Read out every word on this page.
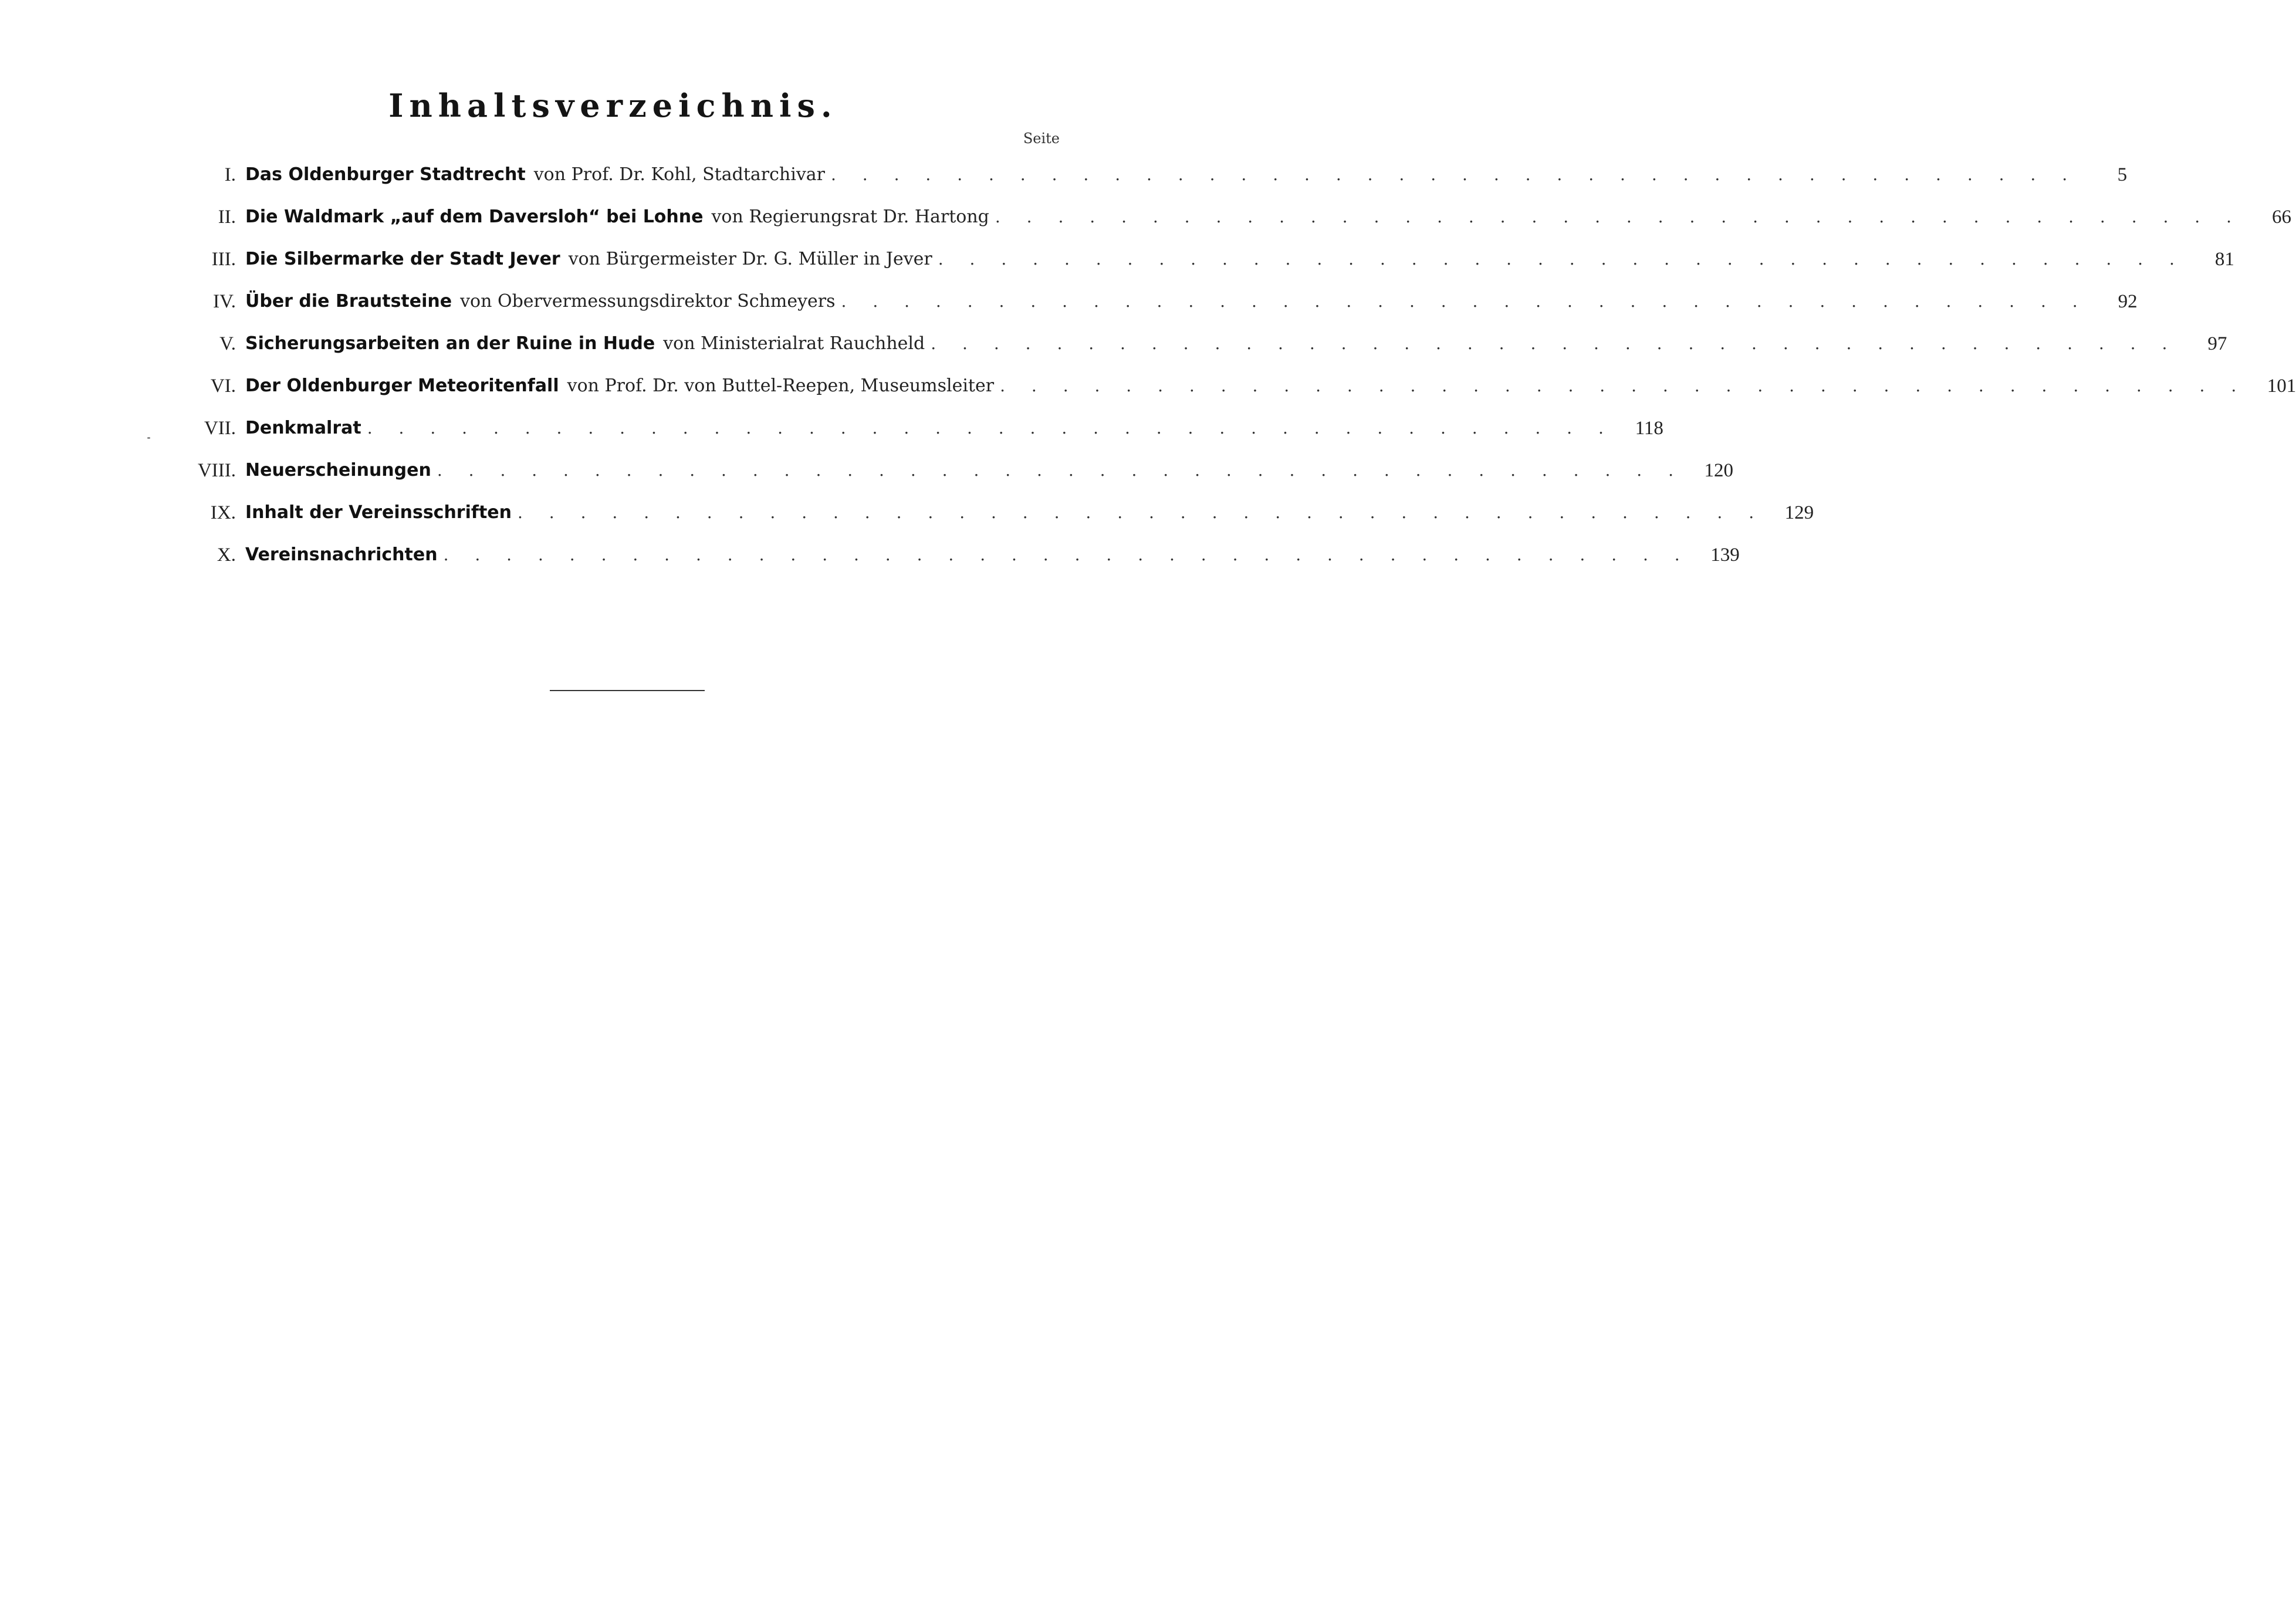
Inhaltsverzeichnis.
Seite
I. Das Oldenburger Stadtrecht von Prof. Dr. Kohl, Stadtarchivar . . . . . . . . . . . . . . . . . . . . . . . . . . . . . . . . . . . . . . . .	5
II. Die Waldmark „auf dem Daversloh“ bei Lohne von Regierungsrat Dr. Hartong . . . . . . . . . . . . . . . . . . . . . . . . . . . . . . . . . . . . . . . .	66
III. Die Silbermarke der Stadt Jever von Bürgermeister Dr. G. Müller in Jever . . . . . . . . . . . . . . . . . . . . . . . . . . . . . . . . . . . . . . . .	81
IV. Über die Brautsteine von Obervermessungsdirektor Schmeyers . . . . . . . . . . . . . . . . . . . . . . . . . . . . . . . . . . . . . . . .	92
V. Sicherungsarbeiten an der Ruine in Hude von Ministerialrat Rauchheld . . . . . . . . . . . . . . . . . . . . . . . . . . . . . . . . . . . . . . . .	97
VI. Der Oldenburger Meteoritenfall von Prof. Dr. von Buttel-Reepen, Museumsleiter . . . . . . . . . . . . . . . . . . . . . . . . . . . . . . . . . . . . . . . .	101
VII. Denkmalrat . . . . . . . . . . . . . . . . . . . . . . . . . . . . . . . . . . . . . . . .	118
VIII. Neuerscheinungen . . . . . . . . . . . . . . . . . . . . . . . . . . . . . . . . . . . . . . . .	120
IX. Inhalt der Vereinsschriften . . . . . . . . . . . . . . . . . . . . . . . . . . . . . . . . . . . . . . . .	129
X. Vereinsnachrichten . . . . . . . . . . . . . . . . . . . . . . . . . . . . . . . . . . . . . . . .	139
